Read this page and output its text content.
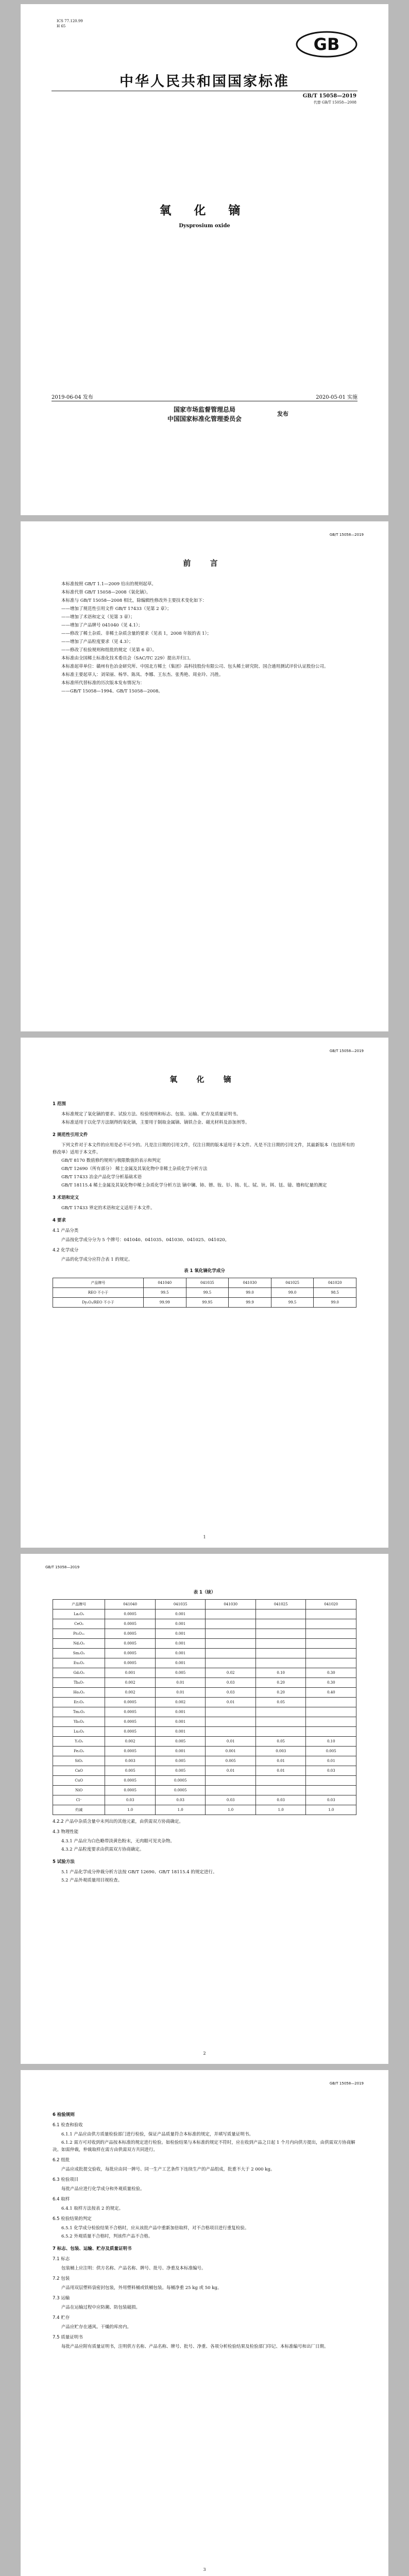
ICS 77.120.99
H 65
GB
中华人民共和国国家标准
GB/T 15058—2019
代替 GB/T 15058—2008
氧 化 镝
Dysprosium oxide
2019-06-04 发布	2020-05-01 实施
国家市场监督管理总局
中国国家标准化管理委员会
发布
GB/T 15058—2019
前 言

本标准按照 GB/T 1.1—2009 给出的规则起草。

本标准代替 GB/T 15058—2008《氧化镝》。

本标准与 GB/T 15058—2008 相比，除编辑性修改外主要技术变化如下：

——增加了规范性引用文件 GB/T 17433（见第 2 章）；

——增加了术语和定义（见第 3 章）；

——增加了产品牌号 041040（见 4.1）；

——修改了稀土杂质、非稀土杂质含量的要求（见表 1，2008 年版的表 1）；

——增加了产品粒度要求（见 4.3）；

——修改了检验规则和组批的规定（见第 6 章）。

本标准由全国稀土标准化技术委员会（SAC/TC 229）提出并归口。

本标准起草单位：赣州有色冶金研究所、中国北方稀土（集团）高科技股份有限公司、包头稀土研究院、国合通用测试评价认证股份公司。

本标准主要起草人：刘荣丽、杨华、陈凤、李娜、王东杰、张秀艳、周业玲、冯胜。

本标准所代替标准的历次版本发布情况为：

——GB/T 15058—1994、GB/T 15058—2008。

GB/T 15058—2019
氧 化 镝

1 范围

本标准规定了氧化镝的要求、试验方法、检验规则和标志、包装、运输、贮存及质量证明书。

本标准适用于以化学方法制得的氧化镝，主要用于制取金属镝、镝铁合金、磁光材料及添加剂等。

2 规范性引用文件

下列文件对于本文件的应用是必不可少的。凡是注日期的引用文件，仅注日期的版本适用于本文件。凡是不注日期的引用文件，其最新版本（包括所有的修改单）适用于本文件。

GB/T 8170 数值修约规则与极限数值的表示和判定

GB/T 12690（所有部分） 稀土金属及其氧化物中非稀土杂质化学分析方法

GB/T 17433 冶金产品化学分析基础术语

GB/T 18115.4 稀土金属及其氧化物中稀土杂质化学分析方法 镝中镧、铈、镨、钕、钐、铕、钆、铽、钬、铒、铥、镱、镥和钇量的测定

3 术语和定义

GB/T 17433 界定的术语和定义适用于本文件。

4 要求

4.1 产品分类

产品按化学成分分为 5 个牌号：041040、041035、041030、041025、041020。

4.2 化学成分

产品的化学成分应符合表 1 的规定。

表 1 氧化镝化学成分

产品牌号	041040	041035	041030	041025	041020
REO 不小于	99.5	99.5	99.0	99.0	98.5
Dy₂O₃/REO 不小于	99.99	99.95	99.9	99.5	99.0
1
GB/T 15058—2019

表 1（续）

产品牌号	041040	041035	041030	041025	041020
La₂O₃	0.0005	0.001			
CeO₂	0.0005	0.001			
Pr₆O₁₁	0.0005	0.001			
Nd₂O₃	0.0005	0.001			
Sm₂O₃	0.0005	0.001			
Eu₂O₃	0.0005	0.001			
Gd₂O₃	0.001	0.005	0.02	0.10	0.30
Tb₄O₇	0.002	0.01	0.03	0.20	0.30
Ho₂O₃	0.002	0.01	0.03	0.20	0.40
Er₂O₃	0.0005	0.002	0.01	0.05	
Tm₂O₃	0.0005	0.001			
Yb₂O₃	0.0005	0.001			
Lu₂O₃	0.0005	0.001			
Y₂O₃	0.002	0.005	0.01	0.05	0.10
Fe₂O₃	0.0005	0.001	0.001	0.003	0.005
SiO₂	0.003	0.005	0.005	0.01	0.01
CaO	0.005	0.005	0.01	0.01	0.03
CuO	0.0005	0.0005			
NiO	0.0005	0.0005			
Cl⁻	0.03	0.03	0.03	0.03	0.03
灼减	1.0	1.0	1.0	1.0	1.0

4.2.2 产品中杂质含量中未列出的其他元素，由供需双方协商确定。

4.3 物理性能

4.3.1 产品应为白色略带淡黄色粉末，无肉眼可见夹杂物。

4.3.2 产品粒度要求由供需双方协商确定。

5 试验方法

5.1 产品化学成分仲裁分析方法按 GB/T 12690、GB/T 18115.4 的规定进行。

5.2 产品外观质量用目视检查。

2
GB/T 15058—2019

6 检验规则

6.1 检查和验收

6.1.1 产品应由供方质量检验部门进行检验，保证产品质量符合本标准的规定，并填写质量证明书。

6.1.2 需方可对收到的产品按本标准的规定进行检验。如检验结果与本标准的规定不符时，应在收到产品之日起 1 个月内向供方提出，由供需双方协商解决。如需仲裁，仲裁取样在需方由供需双方共同进行。

6.2 组批

产品应成批提交验收，每批应由同一牌号、同一生产工艺条件下连续生产的产品组成，批重不大于 2 000 kg。

6.3 检验项目

每批产品应进行化学成分和外观质量检验。

6.4 取样

6.4.1 取样方法按表 2 的规定。

6.5 检验结果的判定

6.5.1 化学成分检验结果不合格时，应从该批产品中重新加倍取样，对不合格项目进行重复检验。

6.5.2 外观质量不合格时，判该件产品不合格。

7 标志、包装、运输、贮存及质量证明书

7.1 标志

包装桶上应注明：供方名称、产品名称、牌号、批号、净重及本标准编号。

7.2 包装

产品用双层塑料袋密封包装，外用塑料桶或铁桶包装。每桶净重 25 kg 或 50 kg。

7.3 运输

产品在运输过程中应防潮、防包装破损。

7.4 贮存

产品应贮存在通风、干燥的库房内。

7.5 质量证明书

每批产品应附有质量证明书，注明供方名称、产品名称、牌号、批号、净重、各项分析检验结果及检验部门印记、本标准编号和出厂日期。

3
